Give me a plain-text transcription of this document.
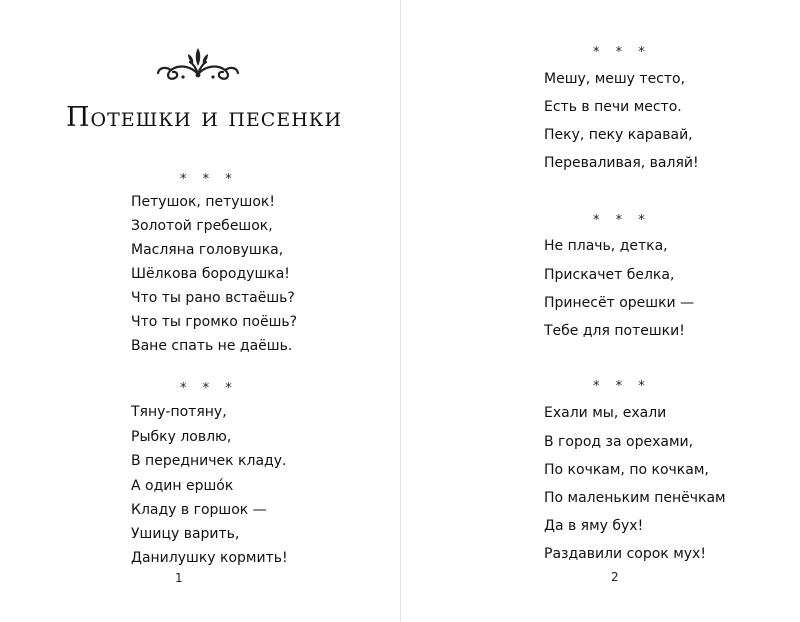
Потешки и песенки
* * *
Петушок, петушок!
Золотой гребешок,
Масляна головушка,
Шёлкова бородушка!
Что ты рано встаёшь?
Что ты громко поёшь?
Ване спать не даёшь.
* * *
Тяну-потяну,
Рыбку ловлю,
В передничек кладу.
А один ершóк
Кладу в горшок —
Ушицу варить,
Данилушку кормить!
1
* * *
Мешу, мешу тесто,
Есть в печи место.
Пеку, пеку каравай,
Переваливая, валяй!
* * *
Не плачь, детка,
Прискачет белка,
Принесёт орешки —
Тебе для потешки!
* * *
Ехали мы, ехали
В город за орехами,
По кочкам, по кочкам,
По маленьким пенёчкам
Да в яму бух!
Раздавили сорок мух!
2
